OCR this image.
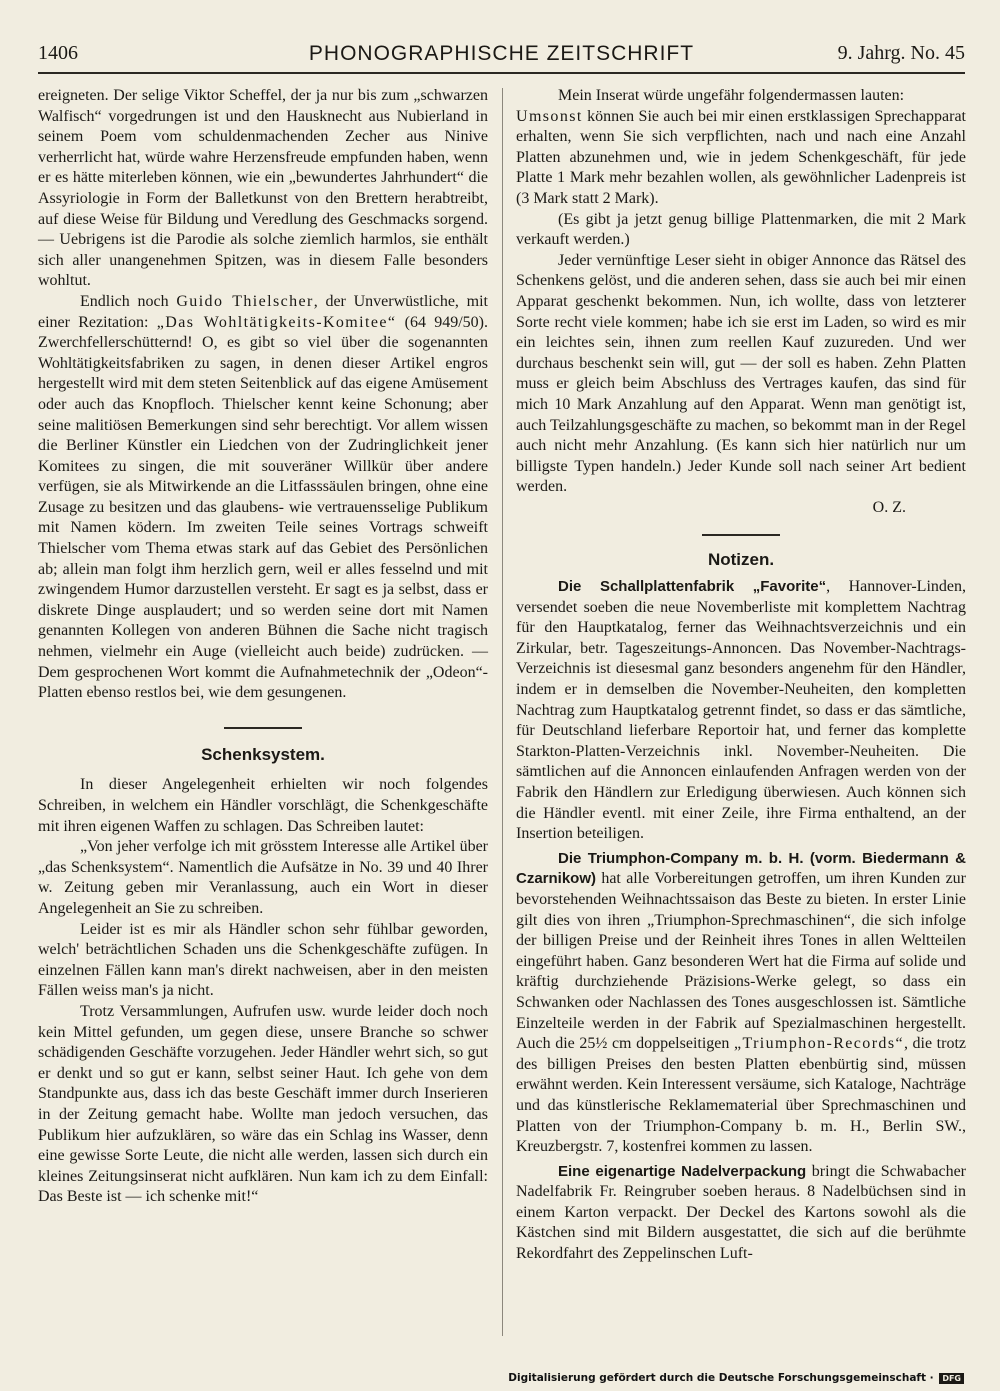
1406	PHONOGRAPHISCHE ZEITSCHRIFT	9. Jahrg. No. 45

ereigneten. Der selige Viktor Scheffel, der ja nur bis zum „schwarzen Walfisch“ vorgedrungen ist und den Hausknecht aus Nubierland in seinem Poem vom schuldenmachenden Zecher aus Ninive verherrlicht hat, würde wahre Herzensfreude empfunden haben, wenn er es hätte miterleben können, wie ein „bewundertes Jahrhundert“ die Assyriologie in Form der Balletkunst von den Brettern herabtreibt, auf diese Weise für Bildung und Veredlung des Geschmacks sorgend. — Uebrigens ist die Parodie als solche ziemlich harmlos, sie enthält sich aller unangenehmen Spitzen, was in diesem Falle besonders wohltut.

Endlich noch Guido Thielscher, der Unverwüstliche, mit einer Rezitation: „Das Wohltätigkeits-Komitee“ (64 949/50). Zwerchfellerschütternd! O, es gibt so viel über die sogenannten Wohltätigkeitsfabriken zu sagen, in denen dieser Artikel engros hergestellt wird mit dem steten Seitenblick auf das eigene Amüsement oder auch das Knopfloch. Thielscher kennt keine Schonung; aber seine malitiösen Bemerkungen sind sehr berechtigt. Vor allem wissen die Berliner Künstler ein Liedchen von der Zudringlichkeit jener Komitees zu singen, die mit souveräner Willkür über andere verfügen, sie als Mitwirkende an die Litfasssäulen bringen, ohne eine Zusage zu besitzen und das glaubens- wie vertrauensselige Publikum mit Namen ködern. Im zweiten Teile seines Vortrags schweift Thielscher vom Thema etwas stark auf das Gebiet des Persönlichen ab; allein man folgt ihm herzlich gern, weil er alles fesselnd und mit zwingendem Humor darzustellen versteht. Er sagt es ja selbst, dass er diskrete Dinge ausplaudert; und so werden seine dort mit Namen genannten Kollegen von anderen Bühnen die Sache nicht tragisch nehmen, vielmehr ein Auge (vielleicht auch beide) zudrücken. — Dem gesprochenen Wort kommt die Aufnahmetechnik der „Odeon“-Platten ebenso restlos bei, wie dem gesungenen.

Schenksystem.

In dieser Angelegenheit erhielten wir noch folgendes Schreiben, in welchem ein Händler vorschlägt, die Schenkgeschäfte mit ihren eigenen Waffen zu schlagen. Das Schreiben lautet:

„Von jeher verfolge ich mit grösstem Interesse alle Artikel über „das Schenksystem“. Namentlich die Aufsätze in No. 39 und 40 Ihrer w. Zeitung geben mir Veranlassung, auch ein Wort in dieser Angelegenheit an Sie zu schreiben.

Leider ist es mir als Händler schon sehr fühlbar geworden, welch' beträchtlichen Schaden uns die Schenkgeschäfte zufügen. In einzelnen Fällen kann man's direkt nachweisen, aber in den meisten Fällen weiss man's ja nicht.

Trotz Versammlungen, Aufrufen usw. wurde leider doch noch kein Mittel gefunden, um gegen diese, unsere Branche so schwer schädigenden Geschäfte vorzugehen. Jeder Händler wehrt sich, so gut er denkt und so gut er kann, selbst seiner Haut. Ich gehe von dem Standpunkte aus, dass ich das beste Geschäft immer durch Inserieren in der Zeitung gemacht habe. Wollte man jedoch versuchen, das Publikum hier aufzuklären, so wäre das ein Schlag ins Wasser, denn eine gewisse Sorte Leute, die nicht alle werden, lassen sich durch ein kleines Zeitungsinserat nicht aufklären. Nun kam ich zu dem Einfall: Das Beste ist — ich schenke mit!“

Mein Inserat würde ungefähr folgendermassen lauten:

Umsonst können Sie auch bei mir einen erstklassigen Sprechapparat erhalten, wenn Sie sich verpflichten, nach und nach eine Anzahl Platten abzunehmen und, wie in jedem Schenkgeschäft, für jede Platte 1 Mark mehr bezahlen wollen, als gewöhnlicher Ladenpreis ist (3 Mark statt 2 Mark).

(Es gibt ja jetzt genug billige Plattenmarken, die mit 2 Mark verkauft werden.)

Jeder vernünftige Leser sieht in obiger Annonce das Rätsel des Schenkens gelöst, und die anderen sehen, dass sie auch bei mir einen Apparat geschenkt bekommen. Nun, ich wollte, dass von letzterer Sorte recht viele kommen; habe ich sie erst im Laden, so wird es mir ein leichtes sein, ihnen zum reellen Kauf zuzureden. Und wer durchaus beschenkt sein will, gut — der soll es haben. Zehn Platten muss er gleich beim Abschluss des Vertrages kaufen, das sind für mich 10 Mark Anzahlung auf den Apparat. Wenn man genötigt ist, auch Teilzahlungsgeschäfte zu machen, so bekommt man in der Regel auch nicht mehr Anzahlung. (Es kann sich hier natürlich nur um billigste Typen handeln.) Jeder Kunde soll nach seiner Art bedient werden.

O. Z.

Notizen.

Die Schallplattenfabrik „Favorite“, Hannover-Linden, versendet soeben die neue Novemberliste mit komplettem Nachtrag für den Hauptkatalog, ferner das Weihnachtsverzeichnis und ein Zirkular, betr. Tageszeitungs-Annoncen. Das November-Nachtrags-Verzeichnis ist diesesmal ganz besonders angenehm für den Händler, indem er in demselben die November-Neuheiten, den kompletten Nachtrag zum Hauptkatalog getrennt findet, so dass er das sämtliche, für Deutschland lieferbare Reportoir hat, und ferner das komplette Starkton-Platten-Verzeichnis inkl. November-Neuheiten. Die sämtlichen auf die Annoncen einlaufenden Anfragen werden von der Fabrik den Händlern zur Erledigung überwiesen. Auch können sich die Händler eventl. mit einer Zeile, ihre Firma enthaltend, an der Insertion beteiligen.

Die Triumphon-Company m. b. H. (vorm. Biedermann & Czarnikow) hat alle Vorbereitungen getroffen, um ihren Kunden zur bevorstehenden Weihnachtssaison das Beste zu bieten. In erster Linie gilt dies von ihren „Triumphon-Sprechmaschinen“, die sich infolge der billigen Preise und der Reinheit ihres Tones in allen Weltteilen eingeführt haben. Ganz besonderen Wert hat die Firma auf solide und kräftig durchziehende Präzisions-Werke gelegt, so dass ein Schwanken oder Nachlassen des Tones ausgeschlossen ist. Sämtliche Einzelteile werden in der Fabrik auf Spezialmaschinen hergestellt. Auch die 25½ cm doppelseitigen „Triumphon-Records“, die trotz des billigen Preises den besten Platten ebenbürtig sind, müssen erwähnt werden. Kein Interessent versäume, sich Kataloge, Nachträge und das künstlerische Reklamematerial über Sprechmaschinen und Platten von der Triumphon-Company b. m. H., Berlin SW., Kreuzbergstr. 7, kostenfrei kommen zu lassen.

Eine eigenartige Nadelverpackung bringt die Schwabacher Nadelfabrik Fr. Reingruber soeben heraus. 8 Nadelbüchsen sind in einem Karton verpackt. Der Deckel des Kartons sowohl als die Kästchen sind mit Bildern ausgestattet, die sich auf die berühmte Rekordfahrt des Zeppelinschen Luft-

Digitalisierung gefördert durch die Deutsche Forschungsgemeinschaft · DFG
